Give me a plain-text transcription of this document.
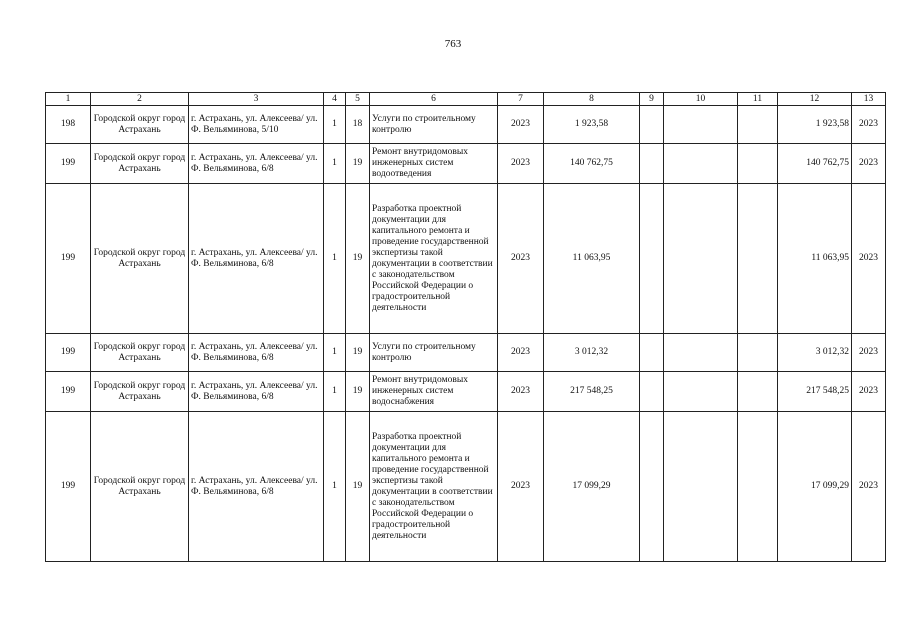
763
1	2	3	4	5	6	7	8	9	10	11	12	13
198	Городской округ город Астрахань	г. Астрахань, ул. Алексеева/ ул. Ф. Вельяминова, 5/10	1	18	Услуги по строительному контролю	2023	1 923,58				1 923,58	2023
199	Городской округ город Астрахань	г. Астрахань, ул. Алексеева/ ул. Ф. Вельяминова, 6/8	1	19	Ремонт внутридомовых инженерных систем водоотведения	2023	140 762,75				140 762,75	2023
199	Городской округ город Астрахань	г. Астрахань, ул. Алексеева/ ул. Ф. Вельяминова, 6/8	1	19	Разработка проектной документации для капитального ремонта и проведение государственной экспертизы такой документации в соответствии с законодательством Российской Федерации о градостроительной деятельности	2023	11 063,95				11 063,95	2023
199	Городской округ город Астрахань	г. Астрахань, ул. Алексеева/ ул. Ф. Вельяминова, 6/8	1	19	Услуги по строительному контролю	2023	3 012,32				3 012,32	2023
199	Городской округ город Астрахань	г. Астрахань, ул. Алексеева/ ул. Ф. Вельяминова, 6/8	1	19	Ремонт внутридомовых инженерных систем водоснабжения	2023	217 548,25				217 548,25	2023
199	Городской округ город Астрахань	г. Астрахань, ул. Алексеева/ ул. Ф. Вельяминова, 6/8	1	19	Разработка проектной документации для капитального ремонта и проведение государственной экспертизы такой документации в соответствии с законодательством Российской Федерации о градостроительной деятельности	2023	17 099,29				17 099,29	2023
